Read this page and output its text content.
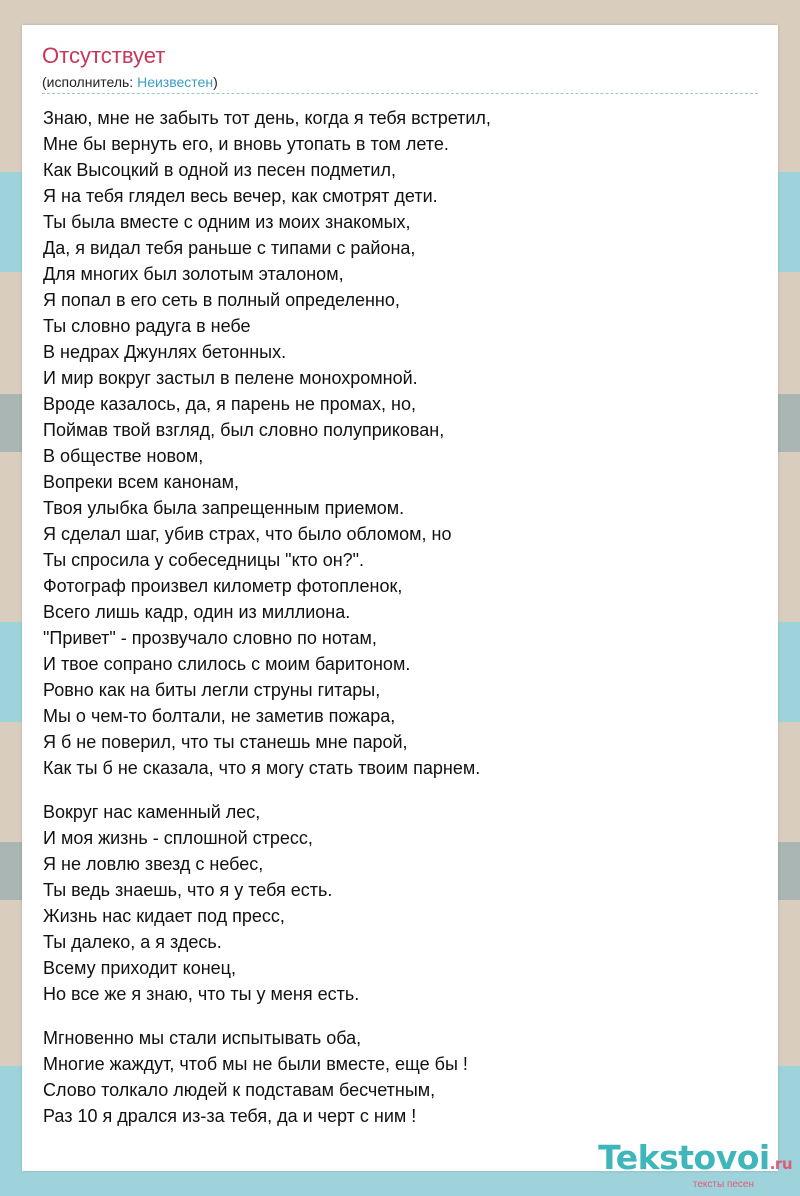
Отсутствует
(исполнитель: Неизвестен)
Знаю, мне не забыть тот день, когда я тебя встретил,
Мне бы вернуть его, и вновь утопать в том лете.
Как Высоцкий в одной из песен подметил,
Я на тебя глядел весь вечер, как смотрят дети.
Ты была вместе с одним из моих знакомых,
Да, я видал тебя раньше с типами с района,
Для многих был золотым эталоном,
Я попал в его сеть в полный определенно,
Ты словно радуга в небе
В недрах Джунлях бетонных.
И мир вокруг застыл в пелене монохромной.
Вроде казалось, да, я парень не промах, но,
Поймав твой взгляд, был словно полуприкован,
В обществе новом,
Вопреки всем канонам,
Твоя улыбка была запрещенным приемом.
Я сделал шаг, убив страх, что было обломом, но
Ты спросила у собеседницы "кто он?".
Фотограф произвел километр фотопленок,
Всего лишь кадр, один из миллиона.
"Привет" - прозвучало словно по нотам,
И твое сопрано слилось с моим баритоном.
Ровно как на биты легли струны гитары,
Мы о чем-то болтали, не заметив пожара,
Я б не поверил, что ты станешь мне парой,
Как ты б не сказала, что я могу стать твоим парнем.
Вокруг нас каменный лес,
И моя жизнь - сплошной стресс,
Я не ловлю звезд с небес,
Ты ведь знаешь, что я у тебя есть.
Жизнь нас кидает под пресс,
Ты далеко, а я здесь.
Всему приходит конец,
Но все же я знаю, что ты у меня есть.
Мгновенно мы стали испытывать оба,
Многие жаждут, чтоб мы не были вместе, еще бы !
Слово толкало людей к подставам бесчетным,
Раз 10 я дрался из-за тебя, да и черт с ним !
Tekstovoi.ru
тексты песен
